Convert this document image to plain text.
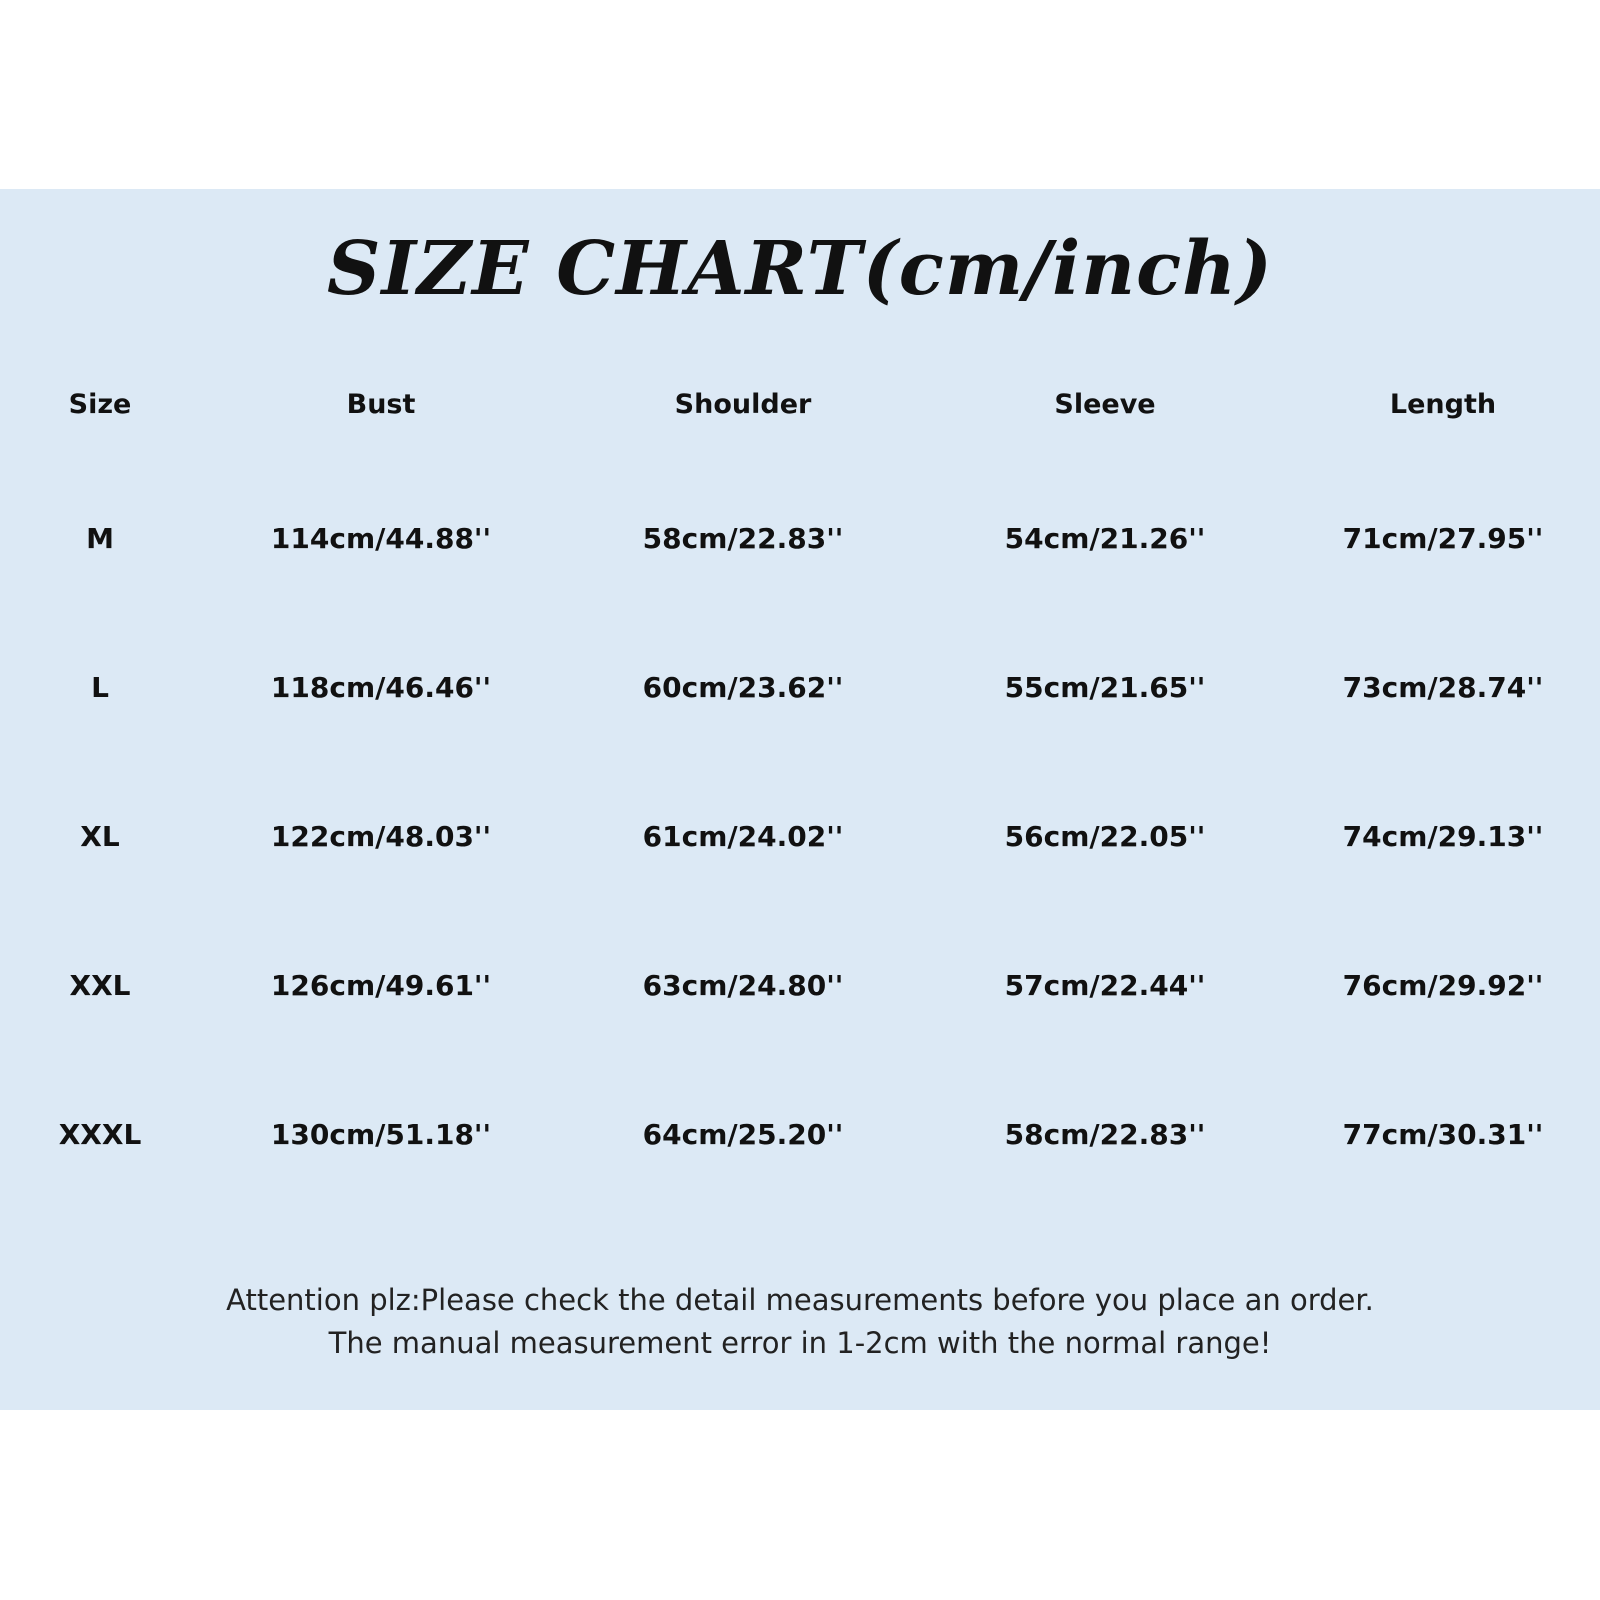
SIZE CHART(cm/inch)
Size	Bust	Shoulder	Sleeve	Length
M	114cm/44.88''	58cm/22.83''	54cm/21.26''	71cm/27.95''
L	118cm/46.46''	60cm/23.62''	55cm/21.65''	73cm/28.74''
XL	122cm/48.03''	61cm/24.02''	56cm/22.05''	74cm/29.13''
XXL	126cm/49.61''	63cm/24.80''	57cm/22.44''	76cm/29.92''
XXXL	130cm/51.18''	64cm/25.20''	58cm/22.83''	77cm/30.31''
Attention plz:Please check the detail measurements before you place an order.
The manual measurement error in 1-2cm with the normal range!
